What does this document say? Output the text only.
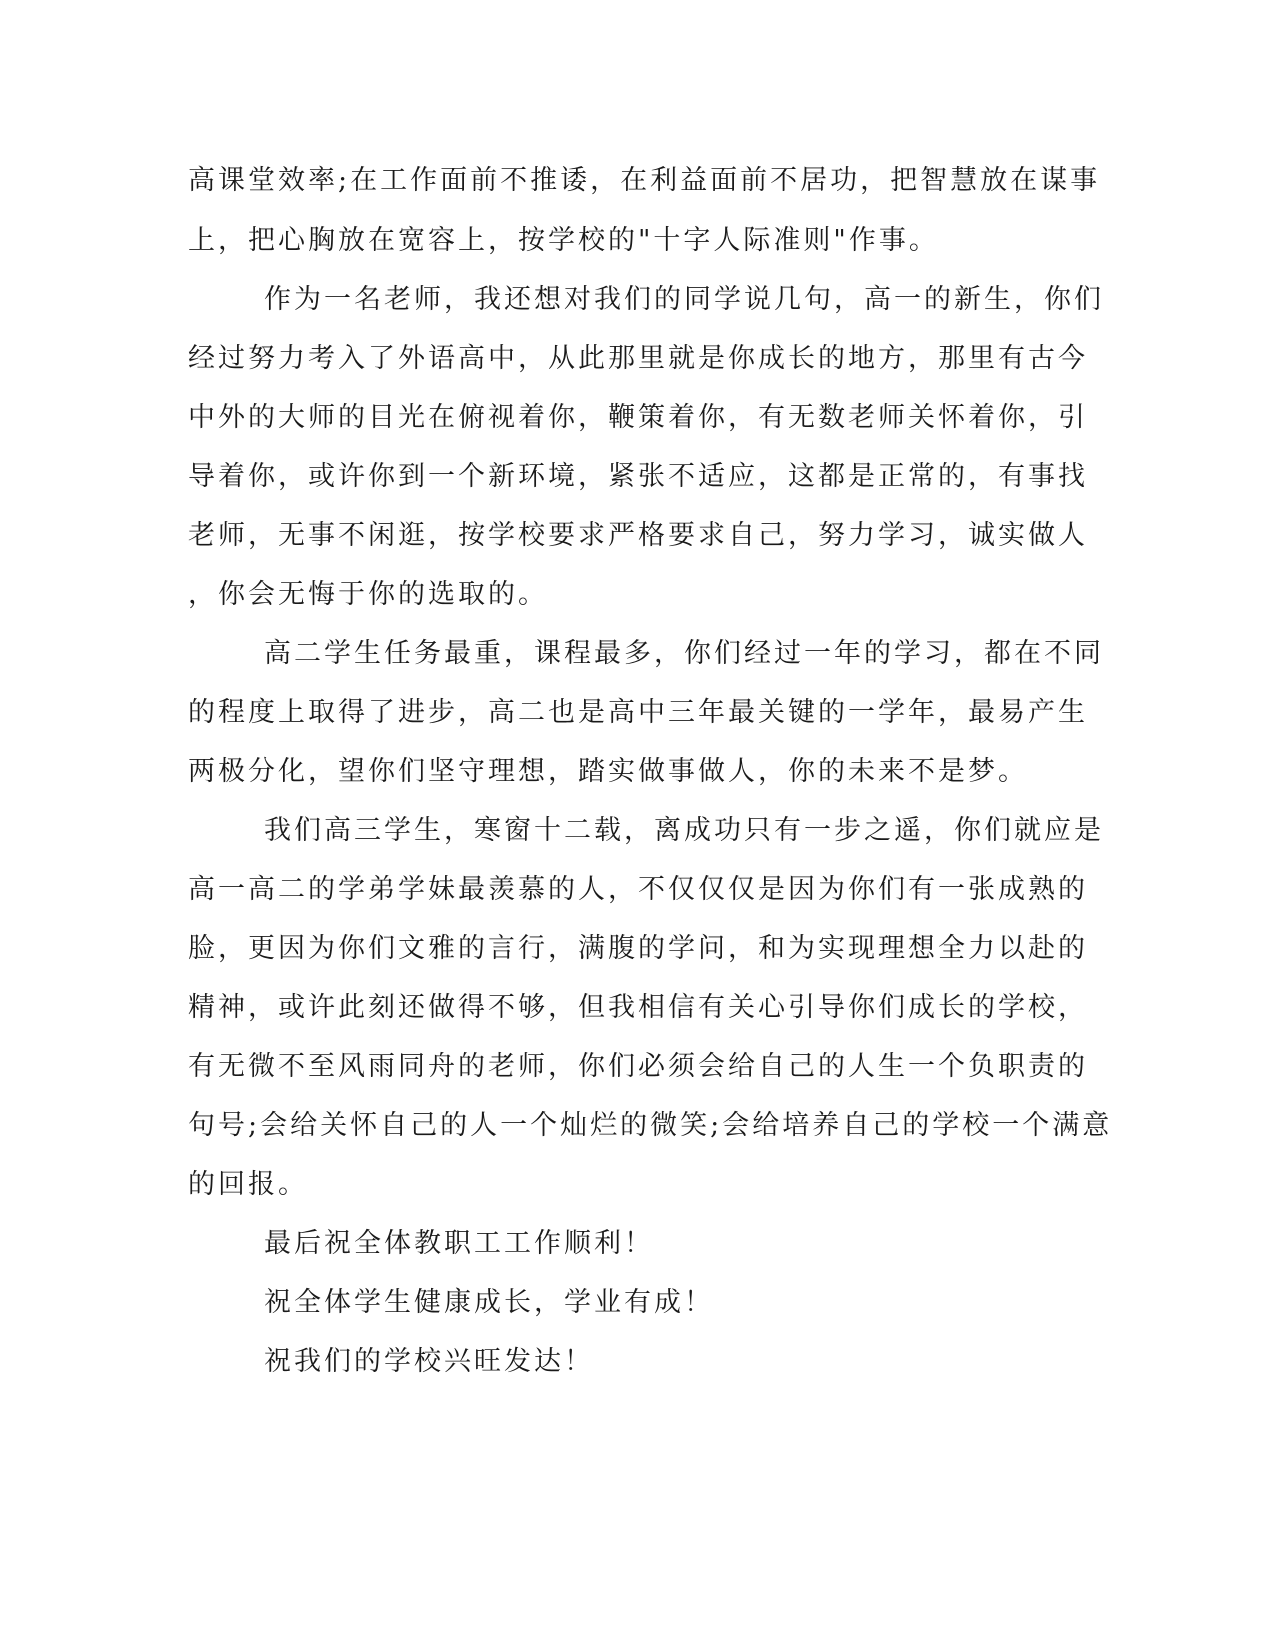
高课堂效率;在工作面前不推诿，在利益面前不居功，把智慧放在谋事
上，把心胸放在宽容上，按学校的"十字人际准则"作事。
作为一名老师，我还想对我们的同学说几句，高一的新生，你们
经过努力考入了外语高中，从此那里就是你成长的地方，那里有古今
中外的大师的目光在俯视着你，鞭策着你，有无数老师关怀着你，引
导着你，或许你到一个新环境，紧张不适应，这都是正常的，有事找
老师，无事不闲逛，按学校要求严格要求自己，努力学习，诚实做人
，你会无悔于你的选取的。
高二学生任务最重，课程最多，你们经过一年的学习，都在不同
的程度上取得了进步，高二也是高中三年最关键的一学年，最易产生
两极分化，望你们坚守理想，踏实做事做人，你的未来不是梦。
我们高三学生，寒窗十二载，离成功只有一步之遥，你们就应是
高一高二的学弟学妹最羡慕的人，不仅仅仅是因为你们有一张成熟的
脸，更因为你们文雅的言行，满腹的学问，和为实现理想全力以赴的
精神，或许此刻还做得不够，但我相信有关心引导你们成长的学校，
有无微不至风雨同舟的老师，你们必须会给自己的人生一个负职责的
句号;会给关怀自己的人一个灿烂的微笑;会给培养自己的学校一个满意
的回报。
最后祝全体教职工工作顺利！
祝全体学生健康成长，学业有成！
祝我们的学校兴旺发达！
